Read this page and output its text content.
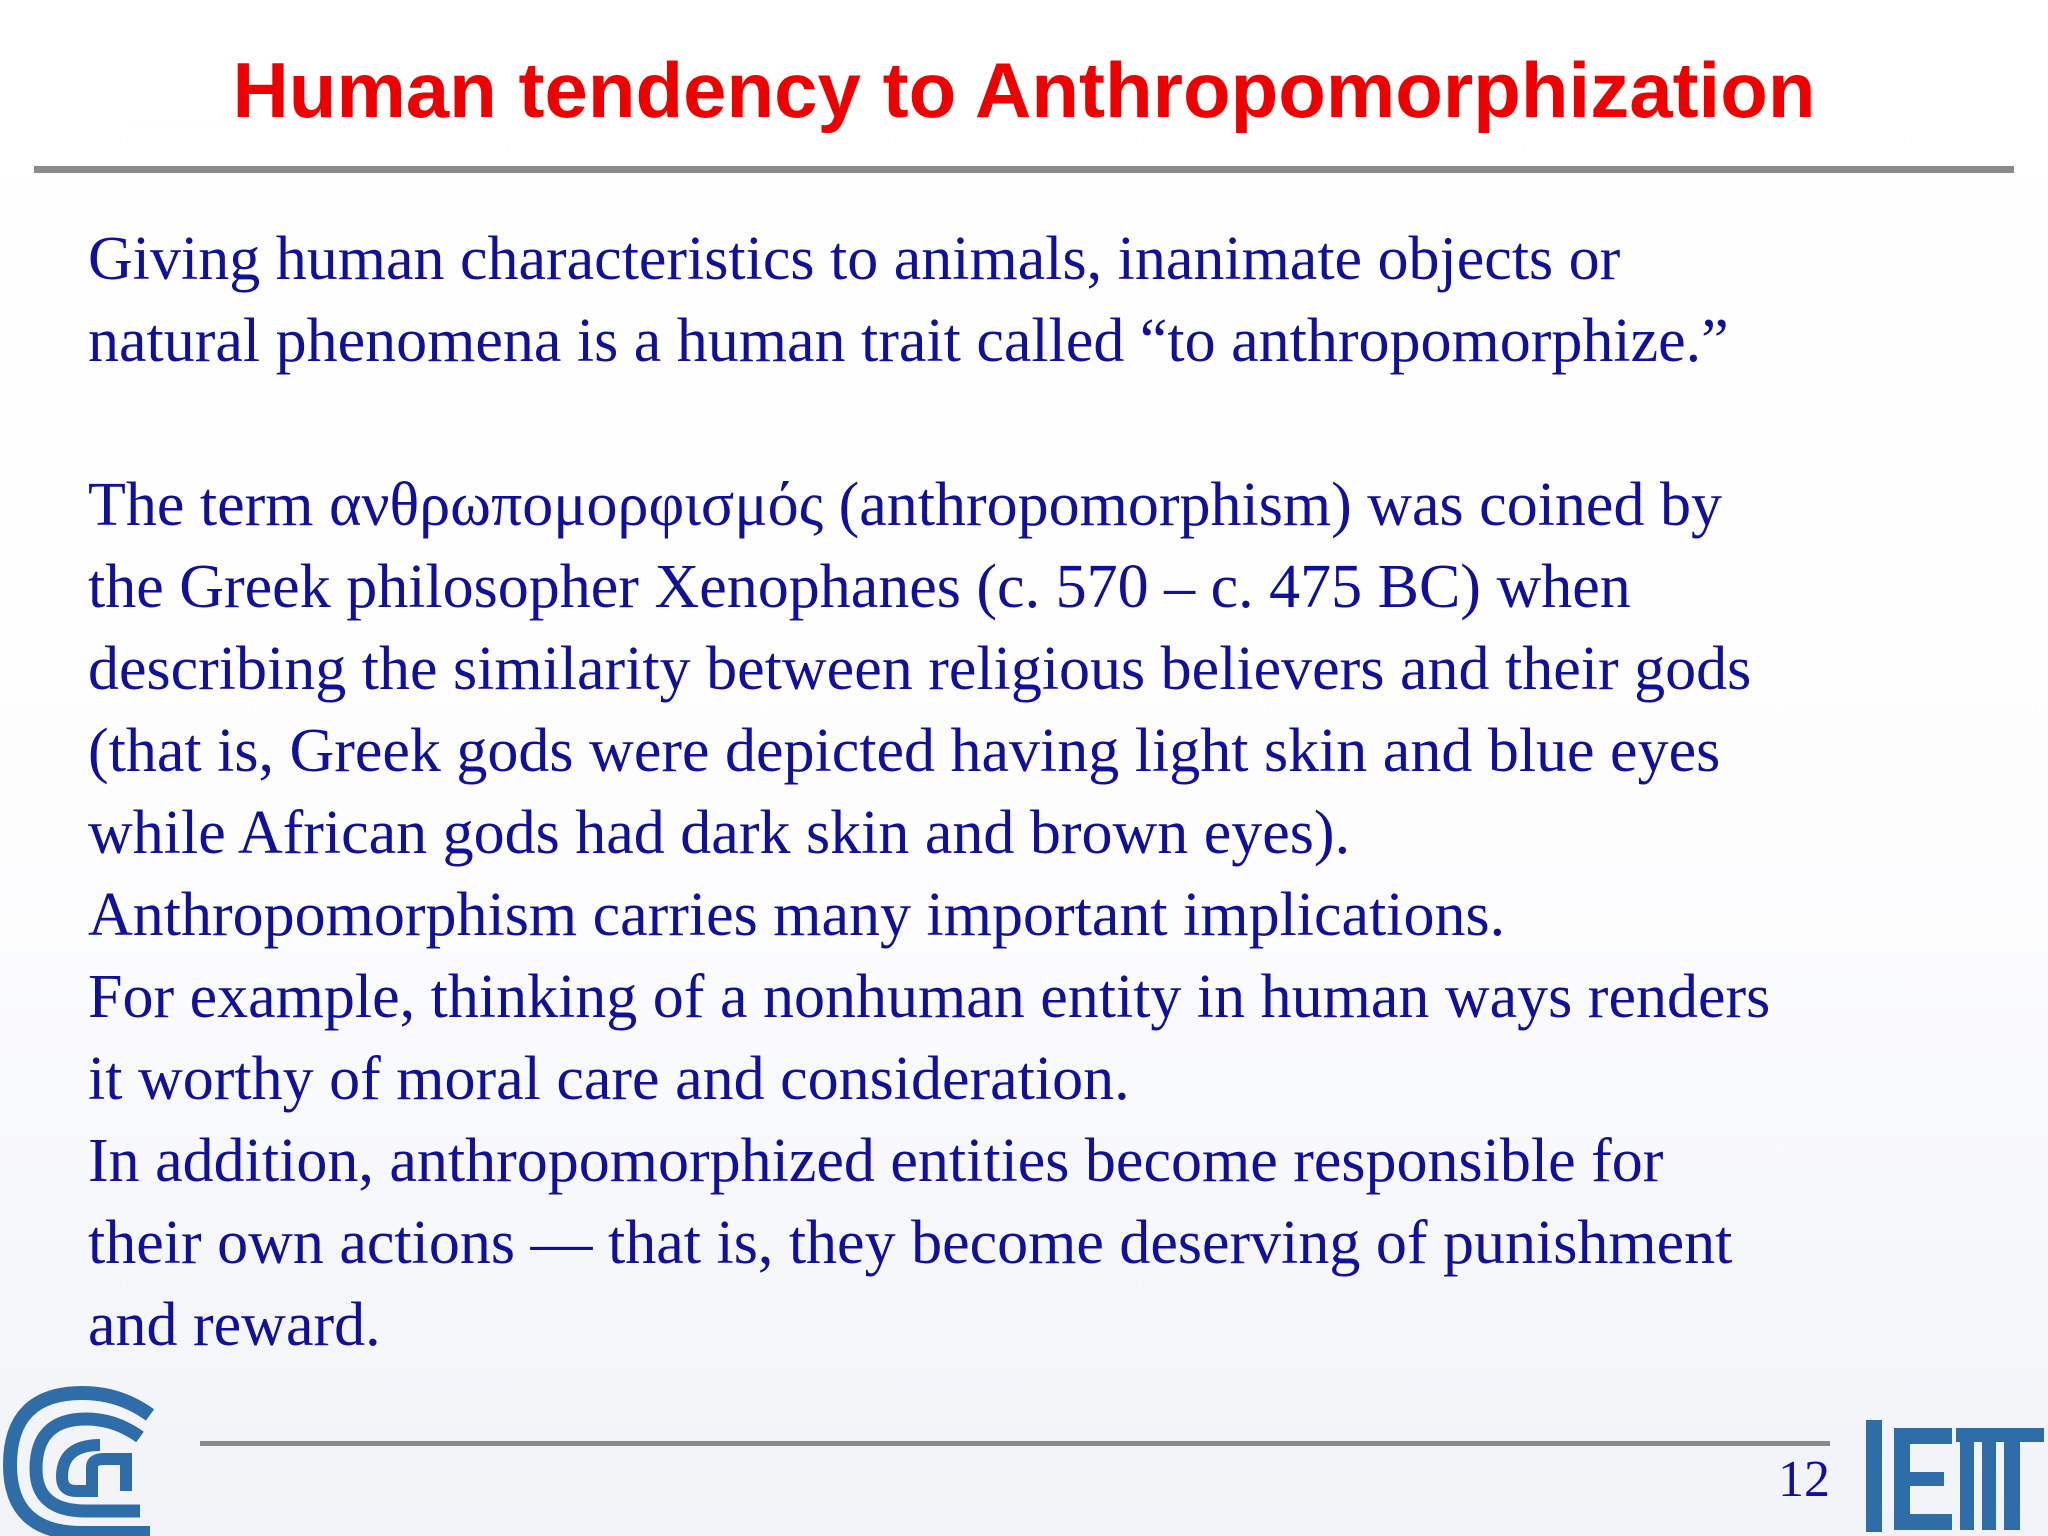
Human tendency to Anthropomorphization
Giving human characteristics to animals, inanimate objects or
natural phenomena is a human trait called “to anthropomorphize.”
The term ανθρωπομορφισμός (anthropomorphism) was coined by
the Greek philosopher Xenophanes (c. 570 – c. 475 BC) when
describing the similarity between religious believers and their gods
(that is, Greek gods were depicted having light skin and blue eyes
while African gods had dark skin and brown eyes).
Anthropomorphism carries many important implications.
For example, thinking of a nonhuman entity in human ways renders
it worthy of moral care and consideration.
In addition, anthropomorphized entities become responsible for
their own actions — that is, they become deserving of punishment
and reward.
12
